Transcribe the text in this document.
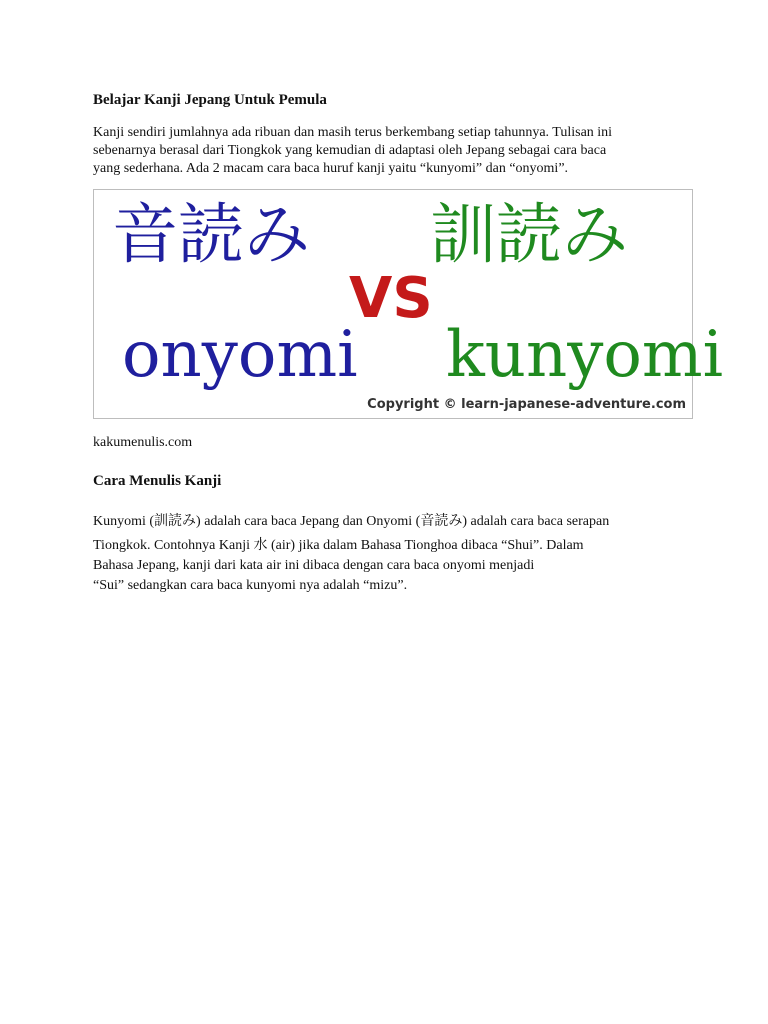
Belajar Kanji Jepang Untuk Pemula

Kanji sendiri jumlahnya ada ribuan dan masih terus berkembang setiap tahunnya. Tulisan ini
sebenarnya berasal dari Tiongkok yang kemudian di adaptasi oleh Jepang sebagai cara baca
yang sederhana. Ada 2 macam cara baca huruf kanji yaitu “kunyomi” dan “onyomi”.

音読み 訓読み
VS
onyomi kunyomi
Copyright © learn-japanese-adventure.com
kakumenulis.com
Cara Menulis Kanji

Kunyomi (訓読み) adalah cara baca Jepang dan Onyomi (音読み) adalah cara baca serapan
Tiongkok. Contohnya Kanji 水 (air) jika dalam Bahasa Tionghoa dibaca “Shui”. Dalam
Bahasa Jepang, kanji dari kata air ini dibaca dengan cara baca onyomi menjadi
“Sui” sedangkan cara baca kunyomi nya adalah “mizu”.
